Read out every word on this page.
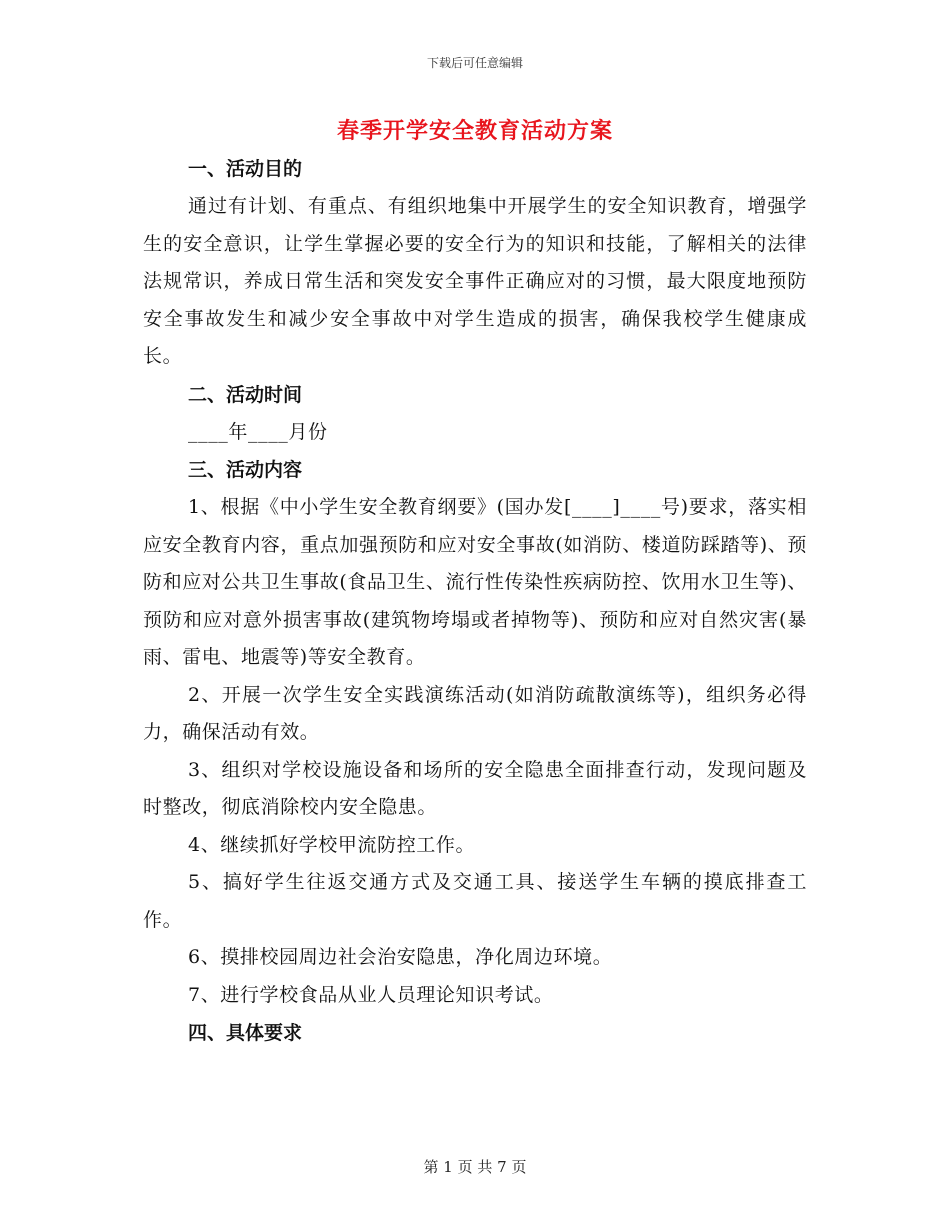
下载后可任意编辑
春季开学安全教育活动方案

一、活动目的

通过有计划、有重点、有组织地集中开展学生的安全知识教育，增强学生的安全意识，让学生掌握必要的安全行为的知识和技能，了解相关的法律法规常识，养成日常生活和突发安全事件正确应对的习惯，最大限度地预防安全事故发生和减少安全事故中对学生造成的损害，确保我校学生健康成长。

二、活动时间

____年____月份

三、活动内容

1、根据《中小学生安全教育纲要》(国办发[____]____号)要求，落实相应安全教育内容，重点加强预防和应对安全事故(如消防、楼道防踩踏等)、预防和应对公共卫生事故(食品卫生、流行性传染性疾病防控、饮用水卫生等)、预防和应对意外损害事故(建筑物垮塌或者掉物等)、预防和应对自然灾害(暴雨、雷电、地震等)等安全教育。

2、开展一次学生安全实践演练活动(如消防疏散演练等)，组织务必得力，确保活动有效。

3、组织对学校设施设备和场所的安全隐患全面排查行动，发现问题及时整改，彻底消除校内安全隐患。

4、继续抓好学校甲流防控工作。

5、搞好学生往返交通方式及交通工具、接送学生车辆的摸底排查工作。

6、摸排校园周边社会治安隐患，净化周边环境。

7、进行学校食品从业人员理论知识考试。

四、具体要求

第 1 页 共 7 页
